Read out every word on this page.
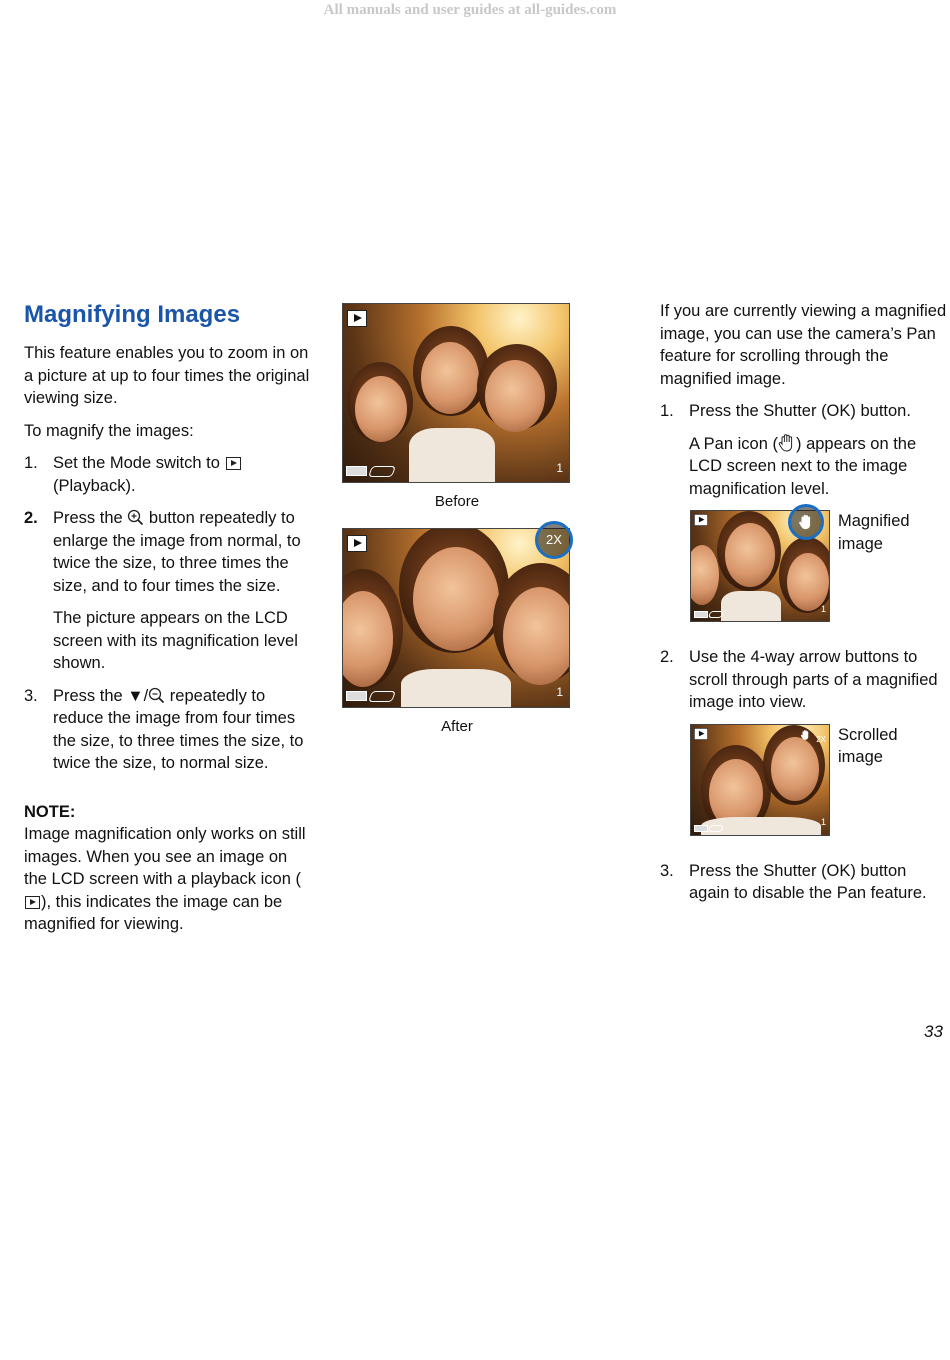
All manuals and user guides at all-guides.com
Magnifying Images

This feature enables you to zoom in on a picture at up to four times the original viewing size.

To magnify the images:

1. Set the Mode switch to  (Playback).
2. Press the button repeatedly to enlarge the image from normal, to twice the size, to three times the size, and to four times the size.

The picture appears on the LCD screen with its magnification level shown.

3. Press the ▼/ repeatedly to reduce the image from four times the size, to three times the size, to twice the size, to normal size.
NOTE:
Image magnification only works on still images. When you see an image on the LCD screen with a playback icon (), this indicates the image can be magnified for viewing.
1
Before
1
2X
After

If you are currently viewing a magnified image, you can use the camera’s Pan feature for scrolling through the magnified image.

1. Press the Shutter (OK) button.

A Pan icon ( ) appears on the LCD screen next to the image magnification level.

1
Magnified image
2. Use the 4-way arrow buttons to scroll through parts of a magnified image into view.
2X
1
Scrolled image
3. Press the Shutter (OK) button again to disable the Pan feature.
33
